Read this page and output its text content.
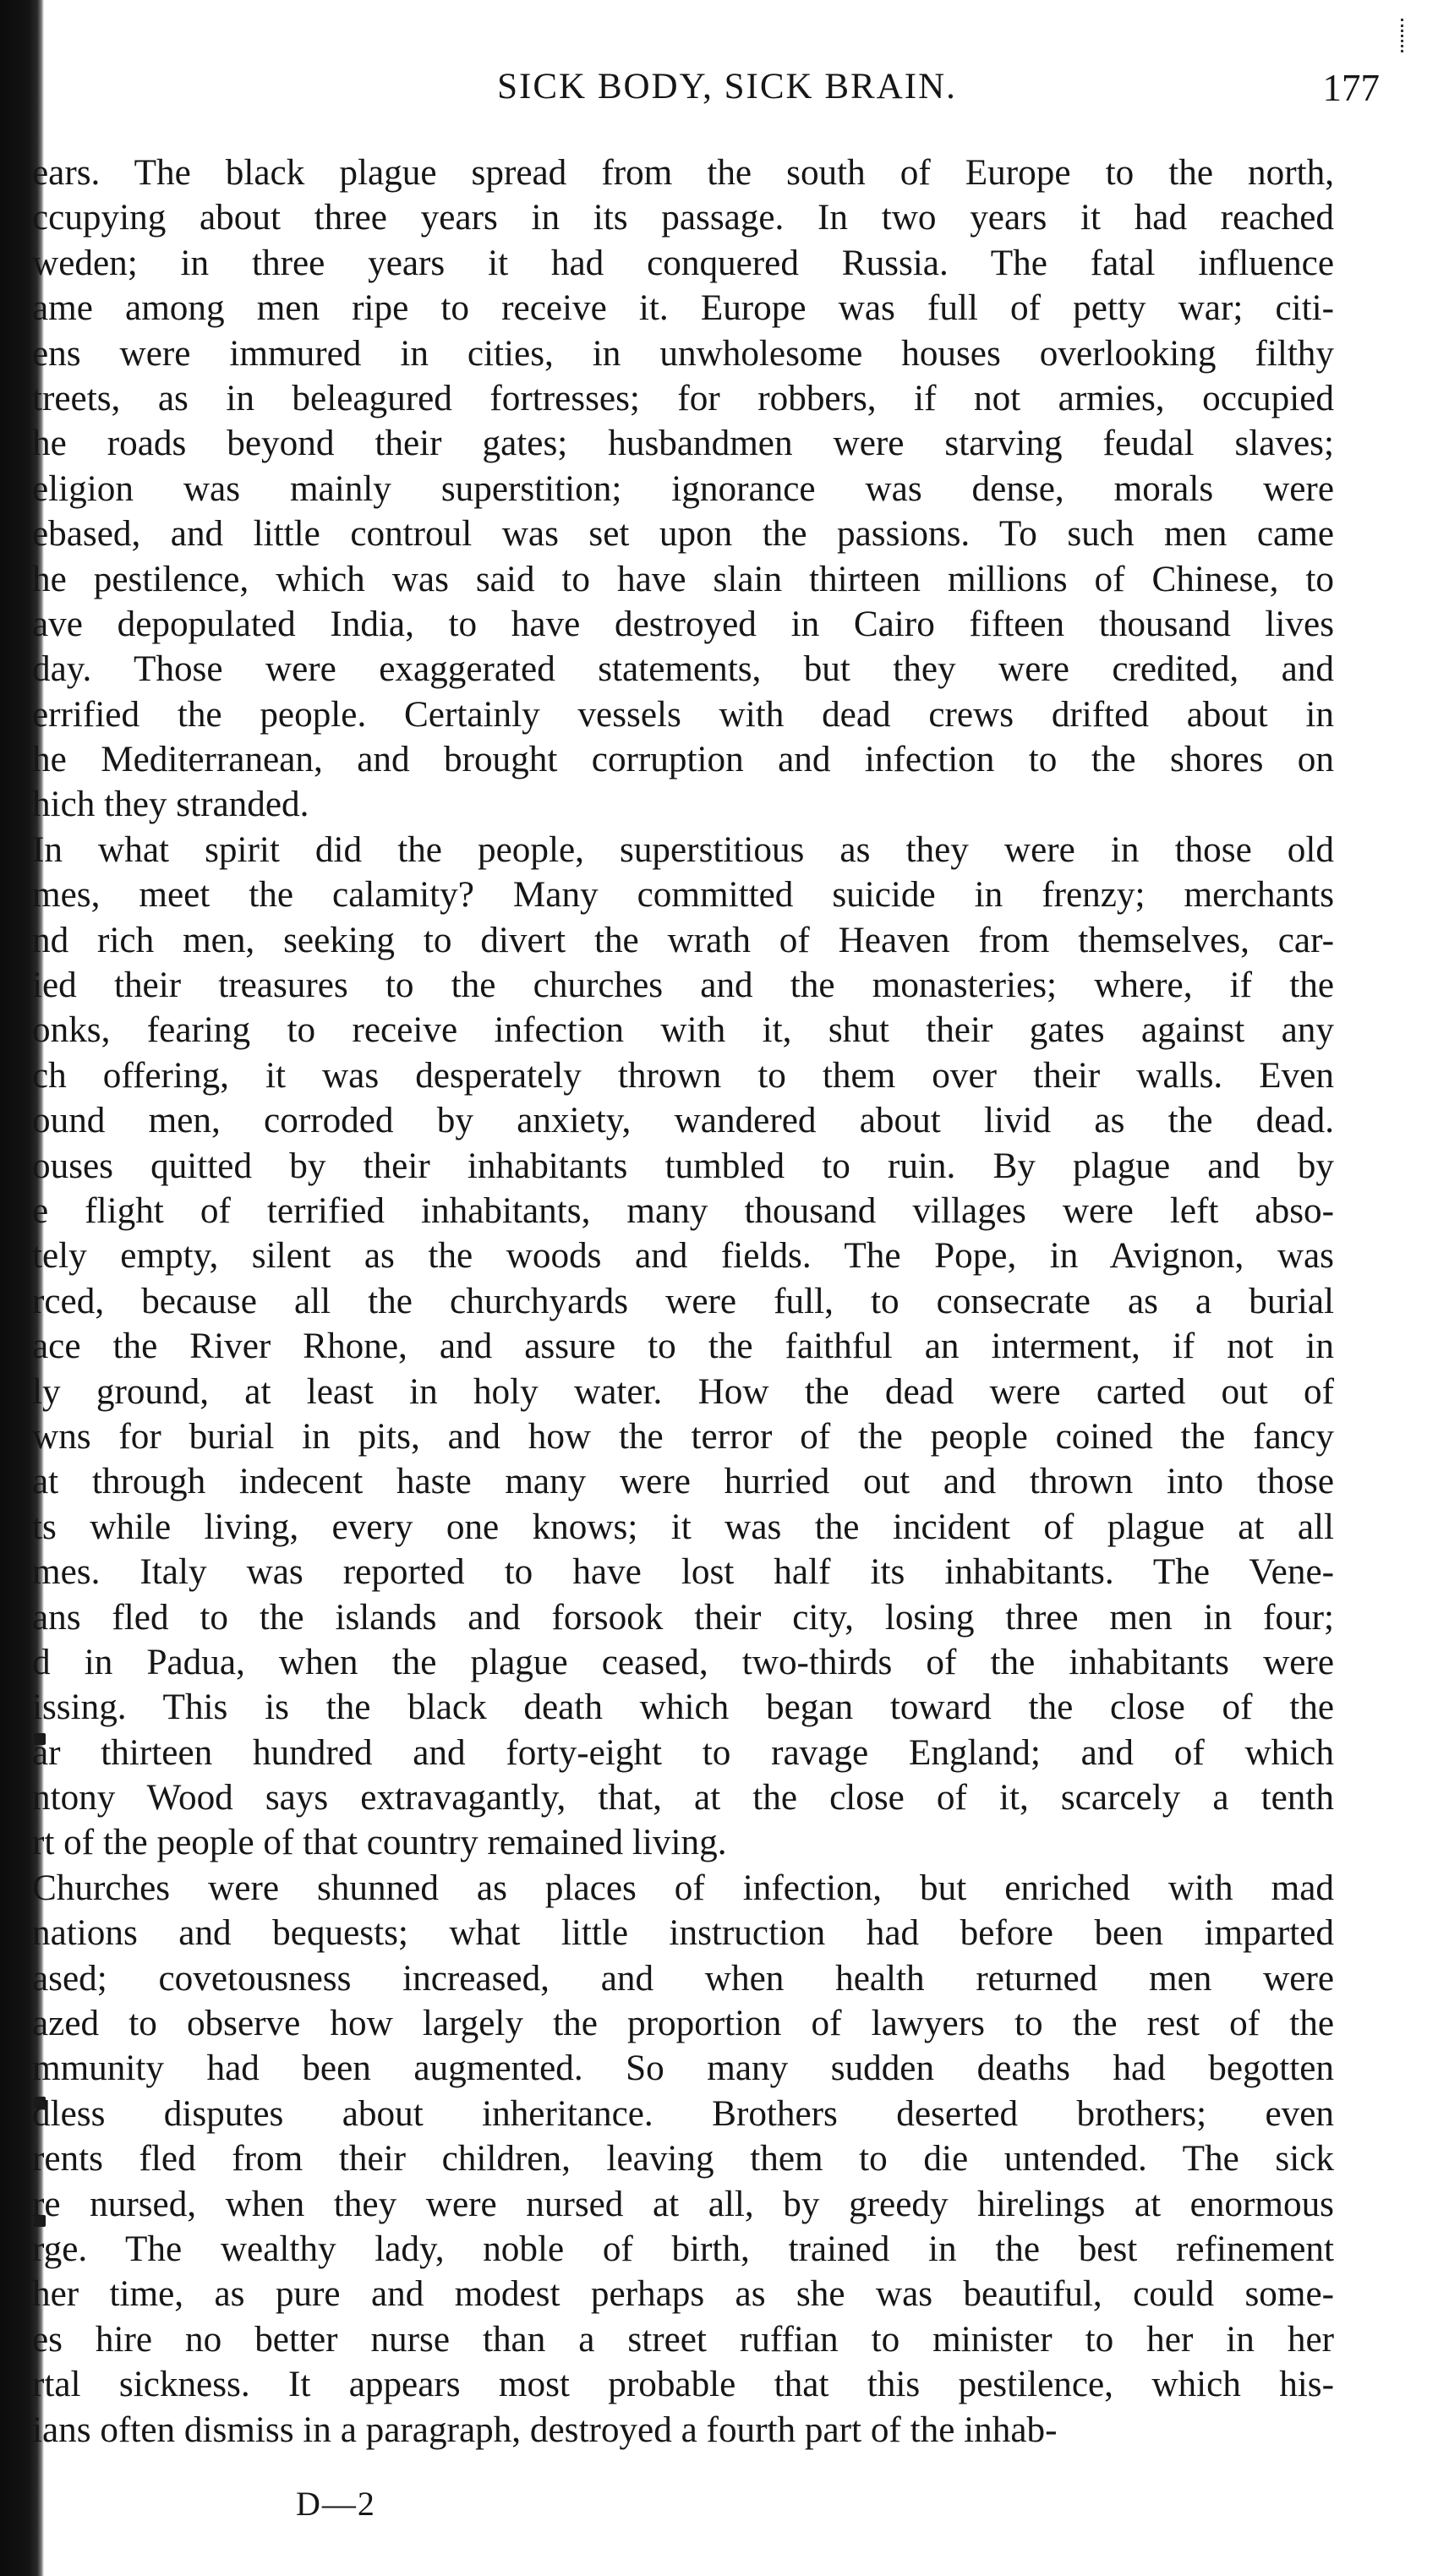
SICK BODY, SICK BRAIN.	177
ears. The black plague spread from the south of Europe to the north,
ccupying about three years in its passage. In two years it had reached
weden; in three years it had conquered Russia. The fatal influence
ame among men ripe to receive it. Europe was full of petty war; citi-
ens were immured in cities, in unwholesome houses overlooking filthy
treets, as in beleagured fortresses; for robbers, if not armies, occupied
he roads beyond their gates; husbandmen were starving feudal slaves;
eligion was mainly superstition; ignorance was dense, morals were
ebased, and little controul was set upon the passions. To such men came
he pestilence, which was said to have slain thirteen millions of Chinese, to
ave depopulated India, to have destroyed in Cairo fifteen thousand lives
day. Those were exaggerated statements, but they were credited, and
errified the people. Certainly vessels with dead crews drifted about in
he Mediterranean, and brought corruption and infection to the shores on
hich they stranded.
In what spirit did the people, superstitious as they were in those old
mes, meet the calamity? Many committed suicide in frenzy; merchants
nd rich men, seeking to divert the wrath of Heaven from themselves, car-
ied their treasures to the churches and the monasteries; where, if the
onks, fearing to receive infection with it, shut their gates against any
ch offering, it was desperately thrown to them over their walls. Even
ound men, corroded by anxiety, wandered about livid as the dead.
ouses quitted by their inhabitants tumbled to ruin. By plague and by
e flight of terrified inhabitants, many thousand villages were left abso-
tely empty, silent as the woods and fields. The Pope, in Avignon, was
rced, because all the churchyards were full, to consecrate as a burial
ace the River Rhone, and assure to the faithful an interment, if not in
ly ground, at least in holy water. How the dead were carted out of
wns for burial in pits, and how the terror of the people coined the fancy
at through indecent haste many were hurried out and thrown into those
ts while living, every one knows; it was the incident of plague at all
mes. Italy was reported to have lost half its inhabitants. The Vene-
ans fled to the islands and forsook their city, losing three men in four;
d in Padua, when the plague ceased, two-thirds of the inhabitants were
issing. This is the black death which began toward the close of the
ar thirteen hundred and forty-eight to ravage England; and of which
ntony Wood says extravagantly, that, at the close of it, scarcely a tenth
rt of the people of that country remained living.
Churches were shunned as places of infection, but enriched with mad
nations and bequests; what little instruction had before been imparted
ased; covetousness increased, and when health returned men were
azed to observe how largely the proportion of lawyers to the rest of the
mmunity had been augmented. So many sudden deaths had begotten
dless disputes about inheritance. Brothers deserted brothers; even
rents fled from their children, leaving them to die untended. The sick
re nursed, when they were nursed at all, by greedy hirelings at enormous
rge. The wealthy lady, noble of birth, trained in the best refinement
her time, as pure and modest perhaps as she was beautiful, could some-
es hire no better nurse than a street ruffian to minister to her in her
rtal sickness. It appears most probable that this pestilence, which his-
ians often dismiss in a paragraph, destroyed a fourth part of the inhab-
D—2
